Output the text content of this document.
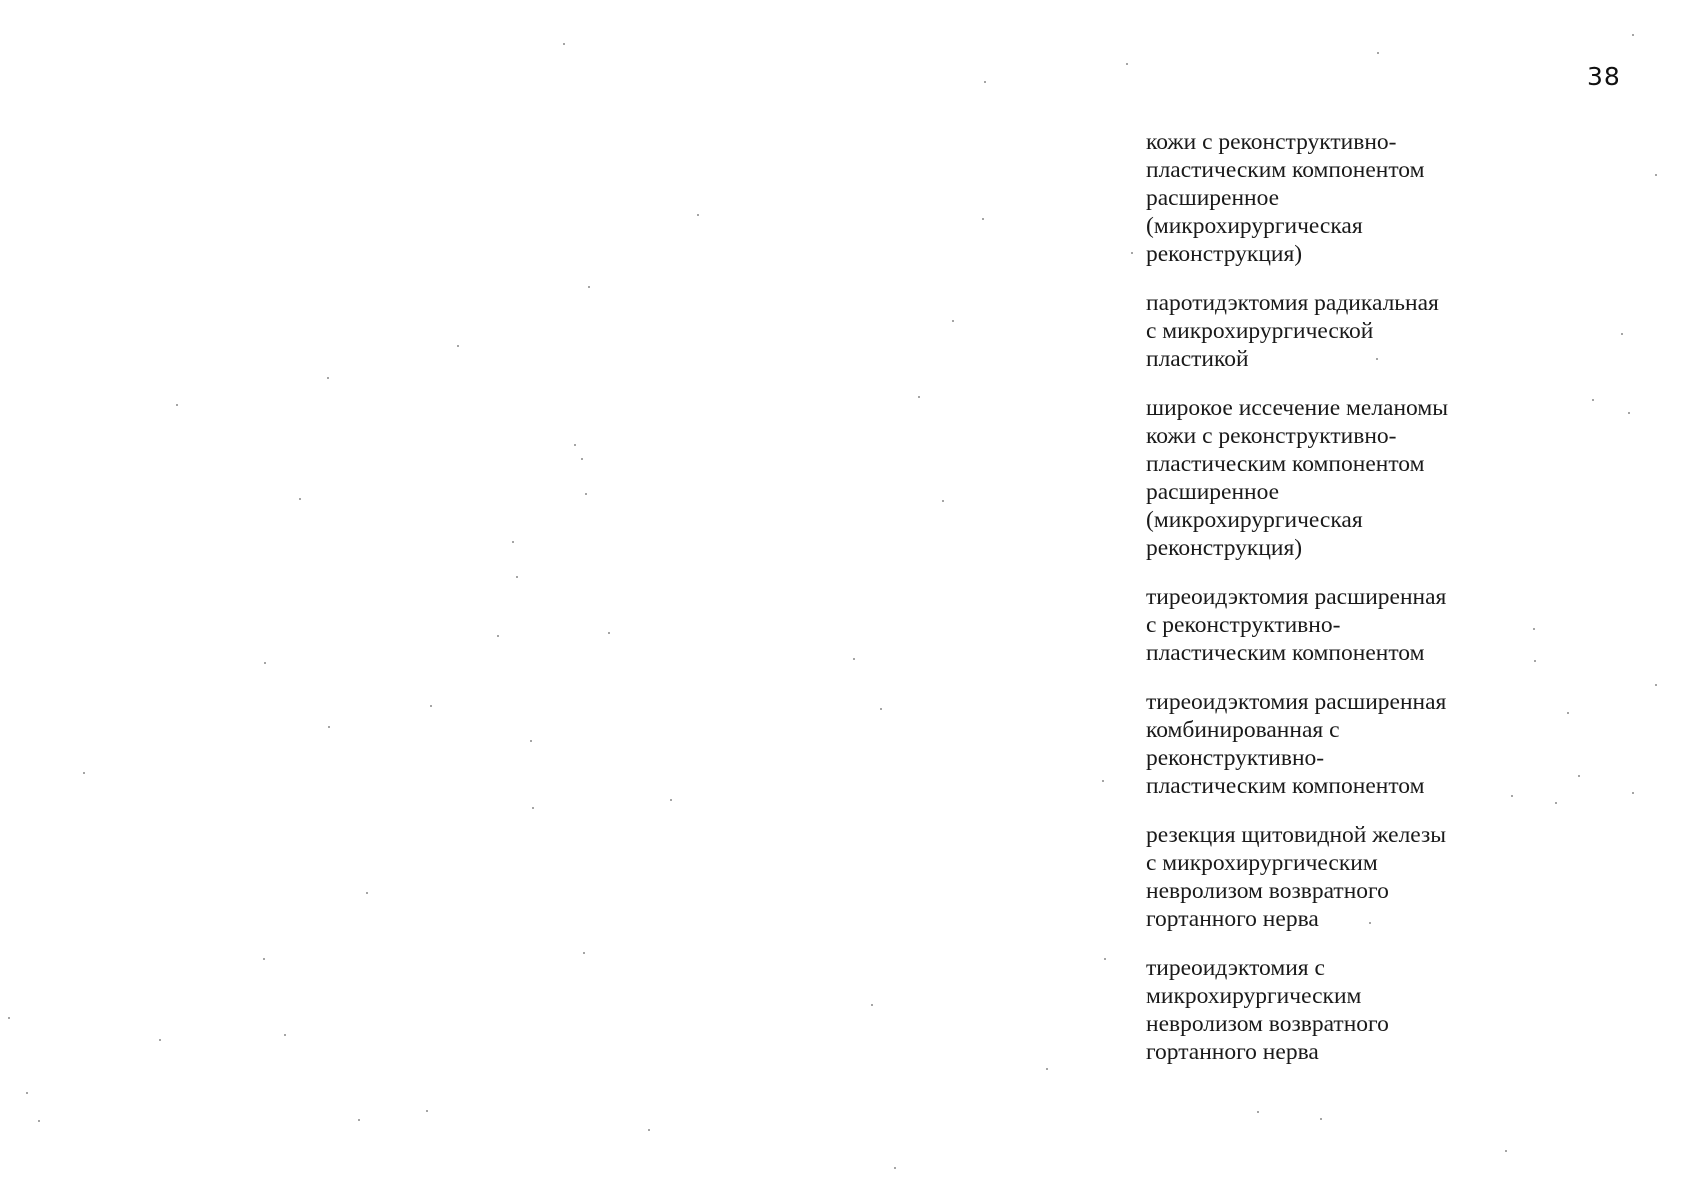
38
кожи с реконструктивно-
пластическим компонентом
расширенное
(микрохирургическая
реконструкция)
паротидэктомия радикальная
с микрохирургической
пластикой
широкое иссечение меланомы
кожи с реконструктивно-
пластическим компонентом
расширенное
(микрохирургическая
реконструкция)
тиреоидэктомия расширенная
с реконструктивно-
пластическим компонентом
тиреоидэктомия расширенная
комбинированная с
реконструктивно-
пластическим компонентом
резекция щитовидной железы
с микрохирургическим
невролизом возвратного
гортанного нерва
тиреоидэктомия с
микрохирургическим
невролизом возвратного
гортанного нерва
